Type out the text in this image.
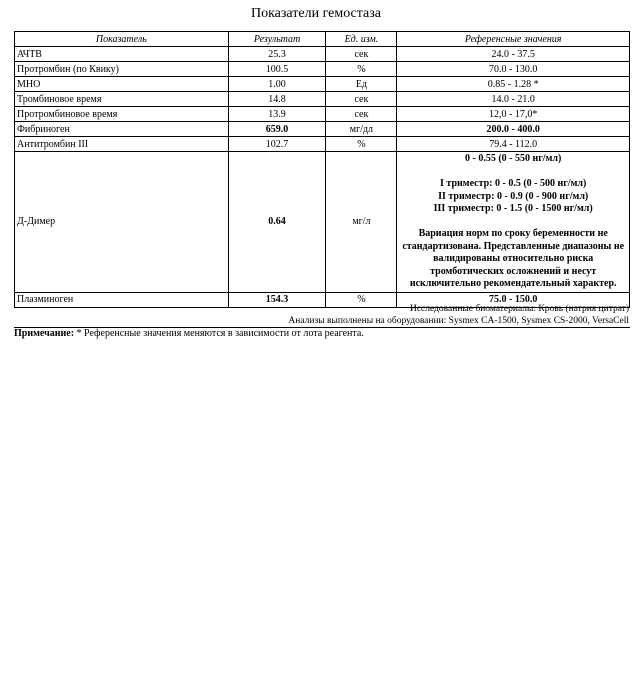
Показатели гемостаза
Показатель	Результат	Ед. изм.	Референсные значения
АЧТВ	25.3	сек	24.0 - 37.5
Протромбин (по Квику)	100.5	%	70.0 - 130.0
МНО	1.00	Ед	0.85 - 1.28 *
Тромбиновое время	14.8	сек	14.0 - 21.0
Протромбиновое время	13.9	сек	12,0 - 17,0*
Фибриноген	659.0	мг/дл	200.0 - 400.0
Антитромбин III	102.7	%	79.4 - 112.0
Д-Димер	0.64	мг/л	0 - 0.55 (0 - 550 нг/мл)

I триместр: 0 - 0.5 (0 - 500 нг/мл)
II триместр: 0 - 0.9 (0 - 900 нг/мл)
III триместр: 0 - 1.5 (0 - 1500 нг/мл)

Вариация норм по сроку беременности не стандартизована. Представленные диапазоны не валидированы относительно риска тромботических осложнений и несут исключительно рекомендательный характер.

Плазминоген	154.3	%	75.0 - 150.0
Исследованные биоматериалы: Кровь (натрия цитрат)
Анализы выполнены на оборудовании: Sysmex CA-1500, Sysmex CS-2000, VersaCell
Примечание: * Референсные значения меняются в зависимости от лота реагента.
